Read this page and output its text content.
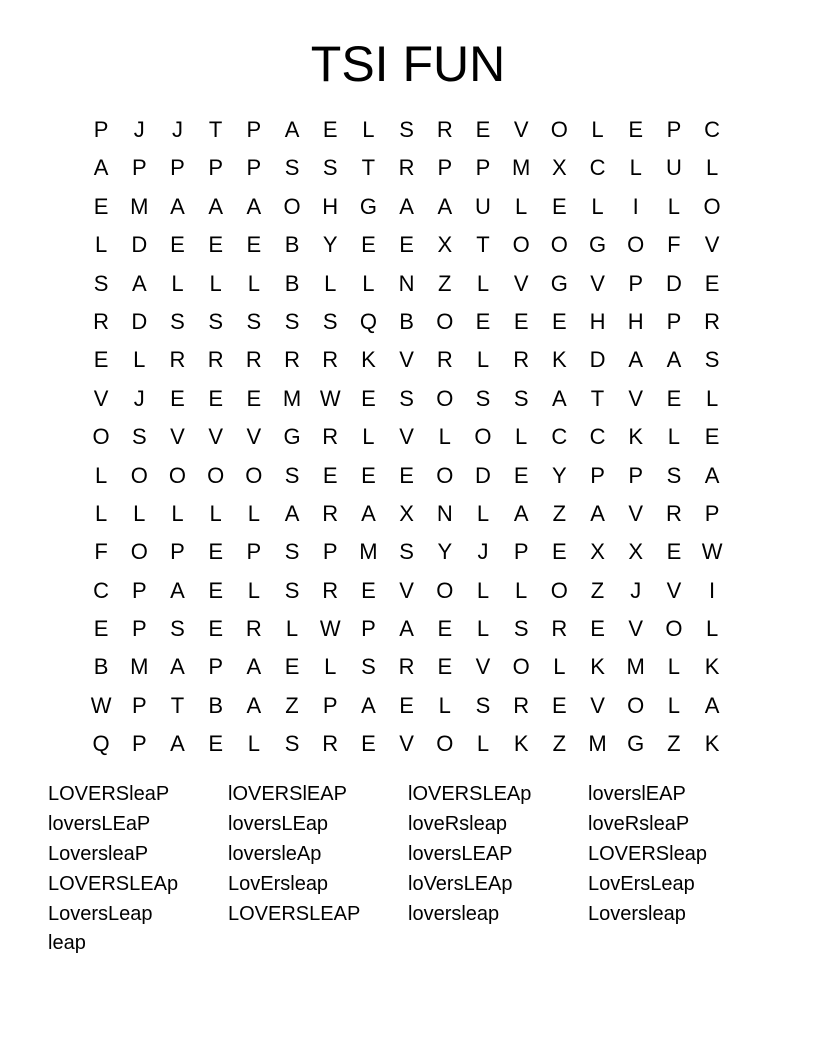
TSI FUN
P	J	J	T	P	A	E	L	S	R	E	V	O	L	E	P	C
A	P	P	P	P	S	S	T	R	P	P M X	C	L	U	L
E M A	A	A	O H G	A	A	U	L	E	L	I	L	O
L	D	E	E	E	B	Y	E	E	X	T	O O G O	F	V
S	A	L	L	L	B	L	L	N	Z	L	V	G	V	P	D	E
R	D	S	S	S	S	S	Q	B	O	E	E	E	H	H	P	R
E	L	R	R	R	R	R	K	V	R	L	R	K	D	A	A	S
V	J	E	E	E M W E	S	O	S	S	A	T	V	E	L
O	S	V	V	V	G R	L	V	L	O	L	C	C	K	L	E
L	O O O O	S	E	E	E	O D	E	Y	P	P	S	A
L	L	L	L	L	A	R	A	X	N	L	A	Z	A	V	R	P
F	O	P	E	P	S	P M S	Y	J	P	E	X	X	E W
C	P	A	E	L	S	R	E	V	O	L	L	O	Z	J	V	I
E	P	S	E	R	L W P	A	E	L	S	R	E	V	O	L
B M A	P	A	E	L	S	R	E	V	O	L	K M	L	K
W P	T	B	A	Z	P	A	E	L	S	R	E	V	O	L	A
Q	P	A	E	L	S	R	E	V	O	L	K	Z	M G	Z	K
LOVERSleaP	lOVERSlEAP	lOVERSLEAp	loverslEAP
loversLEaP	loversLEap	loveRsleap	loveRsleaP
LoversleaP	loversleAp	loversLEAP	LOVERSleap
LOVERSLEAp	LovErsleap	loVersLEAp	LovErsLeap
LoversLeap	LOVERSLEAP	loversleap	Loversleap
leap
